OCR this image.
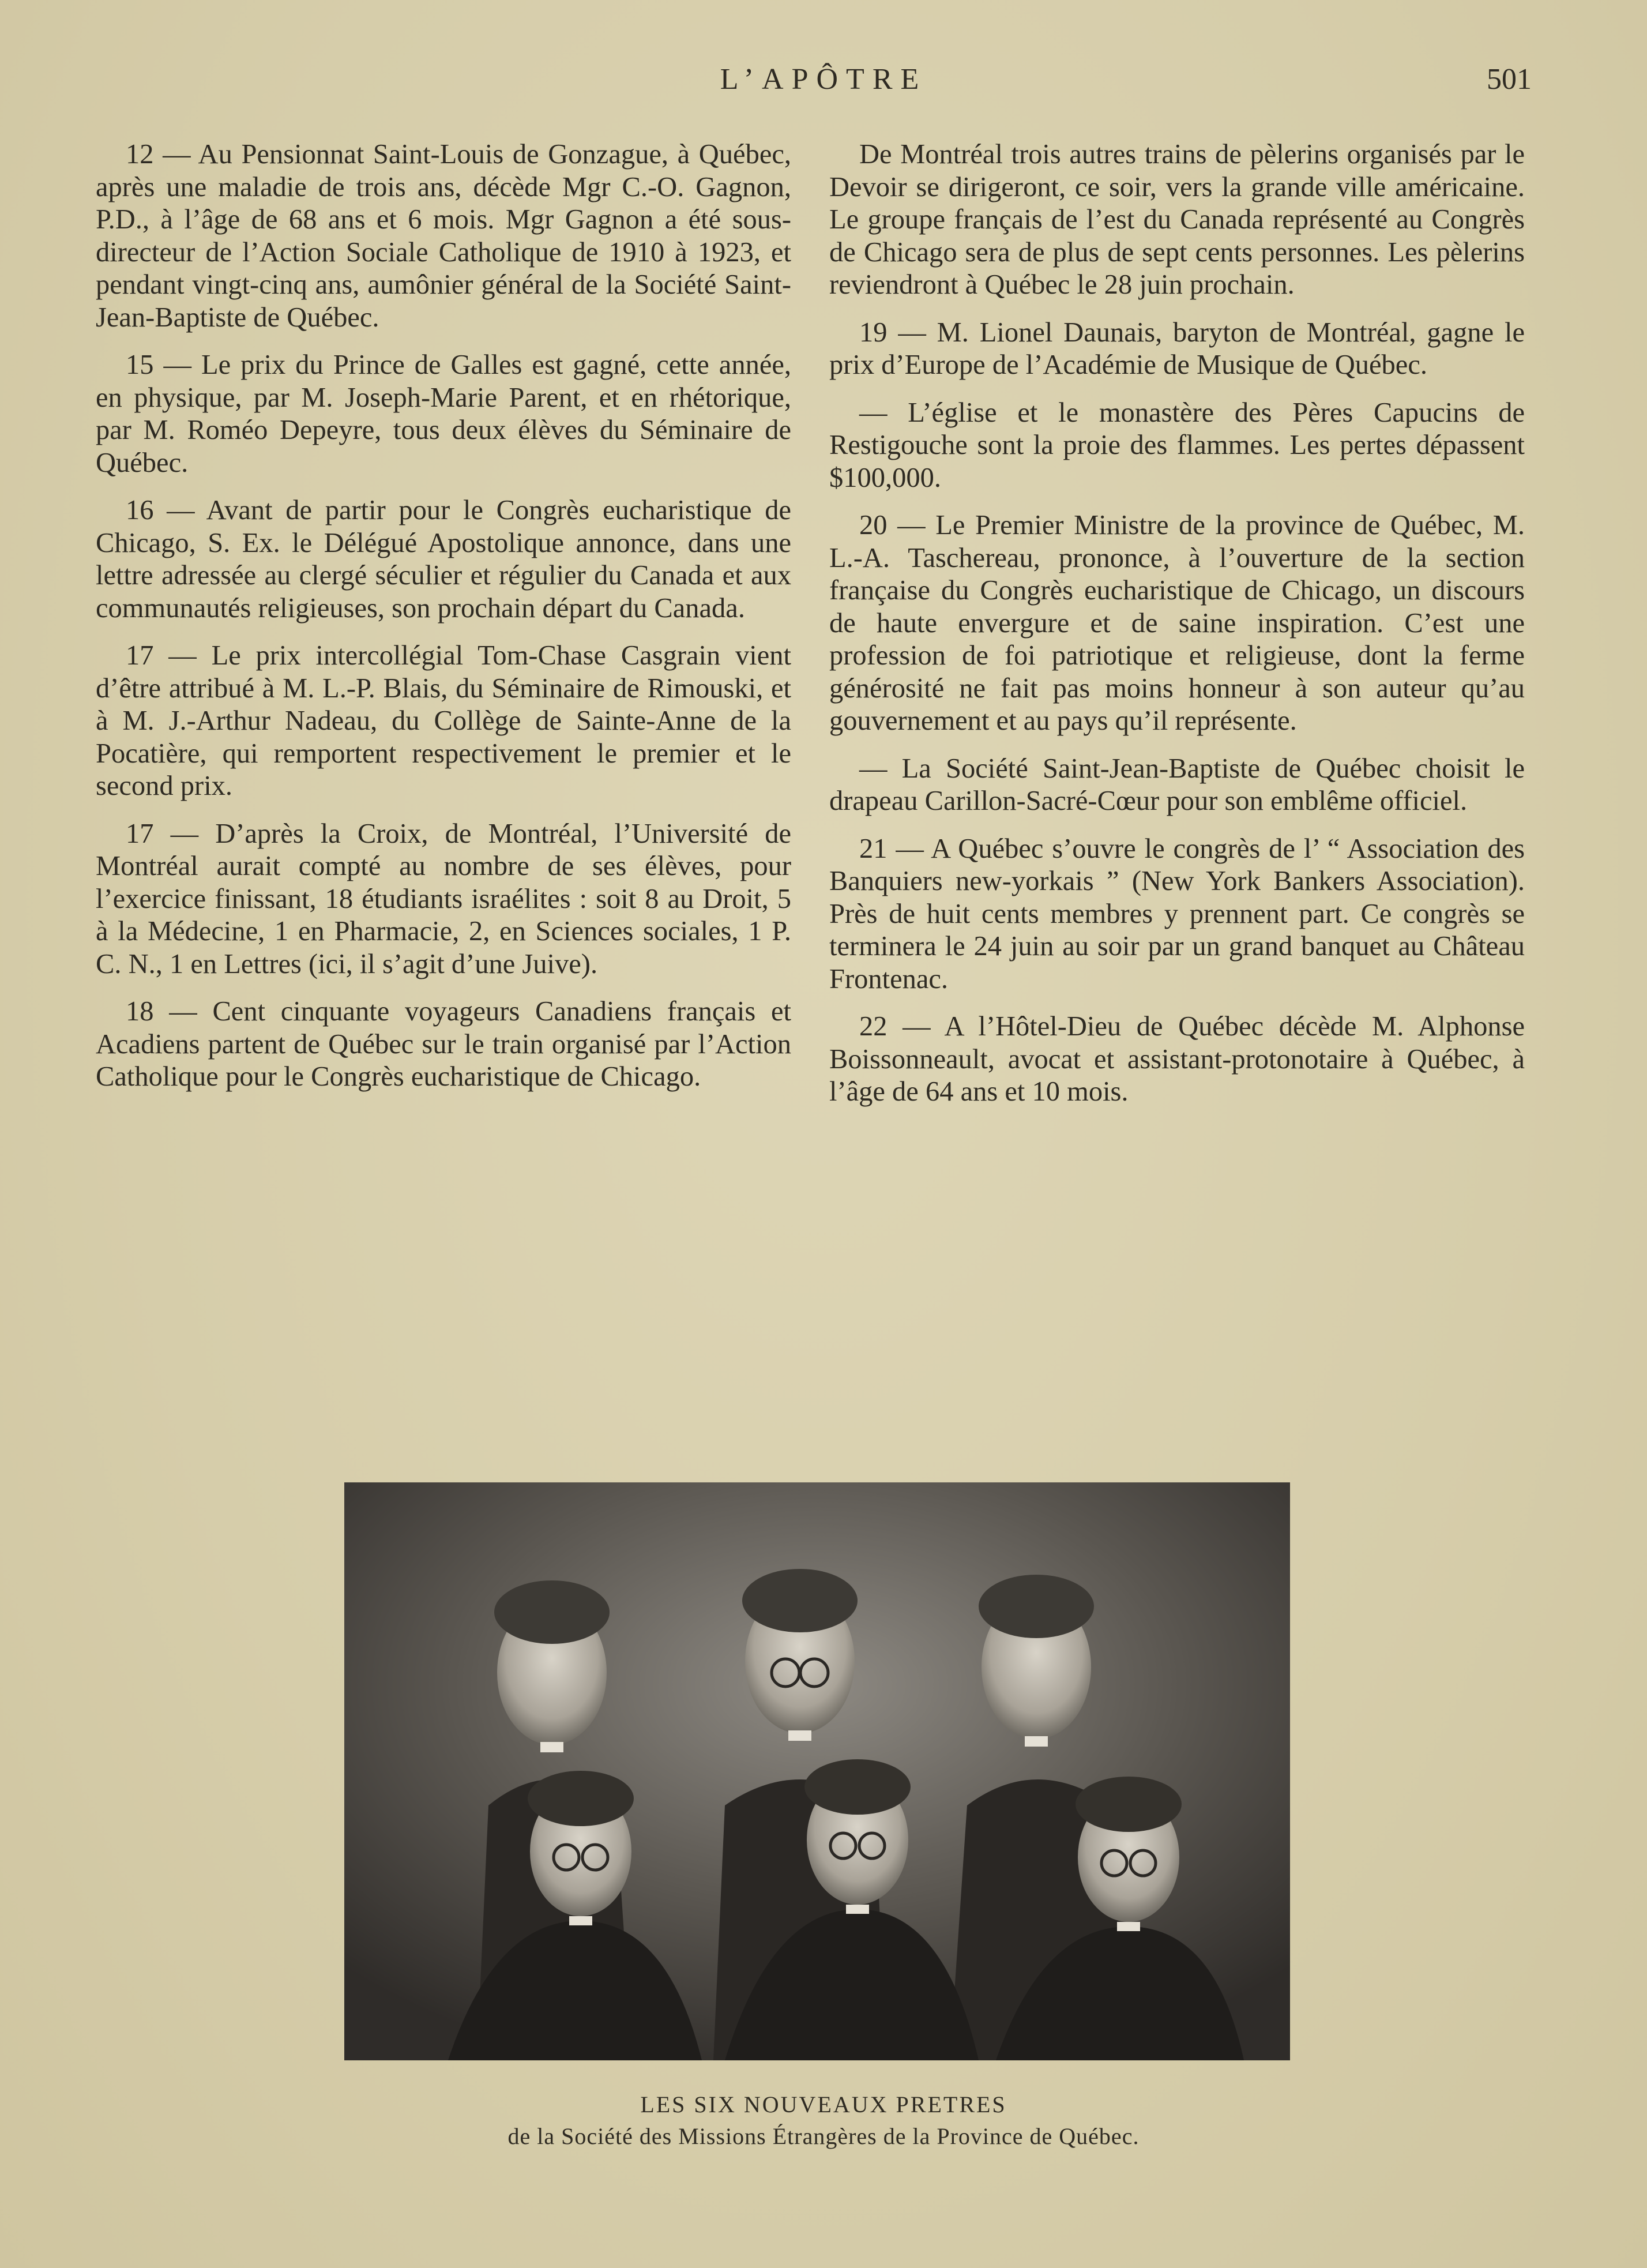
L’APÔTRE	501

12 — Au Pensionnat Saint-Louis de Gonzague, à Québec, après une maladie de trois ans, décède Mgr C.-O. Gagnon, P.D., à l’âge de 68 ans et 6 mois. Mgr Gagnon a été sous-directeur de l’Action Sociale Catholique de 1910 à 1923, et pendant vingt-cinq ans, aumônier général de la Société Saint-Jean-Baptiste de Québec.

15 — Le prix du Prince de Galles est gagné, cette année, en physique, par M. Joseph-Marie Parent, et en rhétorique, par M. Roméo Depeyre, tous deux élèves du Séminaire de Québec.

16 — Avant de partir pour le Congrès eucharistique de Chicago, S. Ex. le Délégué Apostolique annonce, dans une lettre adressée au clergé séculier et régulier du Canada et aux communautés religieuses, son prochain départ du Canada.

17 — Le prix intercollégial Tom-Chase Casgrain vient d’être attribué à M. L.-P. Blais, du Séminaire de Rimouski, et à M. J.-Arthur Nadeau, du Collège de Sainte-Anne de la Pocatière, qui remportent respectivement le premier et le second prix.

17 — D’après la Croix, de Montréal, l’Université de Montréal aurait compté au nombre de ses élèves, pour l’exercice finissant, 18 étudiants israélites : soit 8 au Droit, 5 à la Médecine, 1 en Pharmacie, 2, en Sciences sociales, 1 P. C. N., 1 en Lettres (ici, il s’agit d’une Juive).

18 — Cent cinquante voyageurs Canadiens français et Acadiens partent de Québec sur le train organisé par l’Action Catholique pour le Congrès eucharistique de Chicago.

De Montréal trois autres trains de pèlerins organisés par le Devoir se dirigeront, ce soir, vers la grande ville américaine. Le groupe français de l’est du Canada représenté au Congrès de Chicago sera de plus de sept cents personnes. Les pèlerins reviendront à Québec le 28 juin prochain.

19 — M. Lionel Daunais, baryton de Montréal, gagne le prix d’Europe de l’Académie de Musique de Québec.

— L’église et le monastère des Pères Capucins de Restigouche sont la proie des flammes. Les pertes dépassent $100,000.

20 — Le Premier Ministre de la province de Québec, M. L.-A. Taschereau, prononce, à l’ouverture de la section française du Congrès eucharistique de Chicago, un discours de haute envergure et de saine inspiration. C’est une profession de foi patriotique et religieuse, dont la ferme générosité ne fait pas moins honneur à son auteur qu’au gouvernement et au pays qu’il représente.

— La Société Saint-Jean-Baptiste de Québec choisit le drapeau Carillon-Sacré-Cœur pour son emblême officiel.

21 — A Québec s’ouvre le congrès de l’ “ Association des Banquiers new-yorkais ” (New York Bankers Association). Près de huit cents membres y prennent part. Ce congrès se terminera le 24 juin au soir par un grand banquet au Château Frontenac.

22 — A l’Hôtel-Dieu de Québec décède M. Alphonse Boissonneault, avocat et assistant-protonotaire à Québec, à l’âge de 64 ans et 10 mois.

LES SIX NOUVEAUX PRETRES
de la Société des Missions Étrangères de la Province de Québec.
